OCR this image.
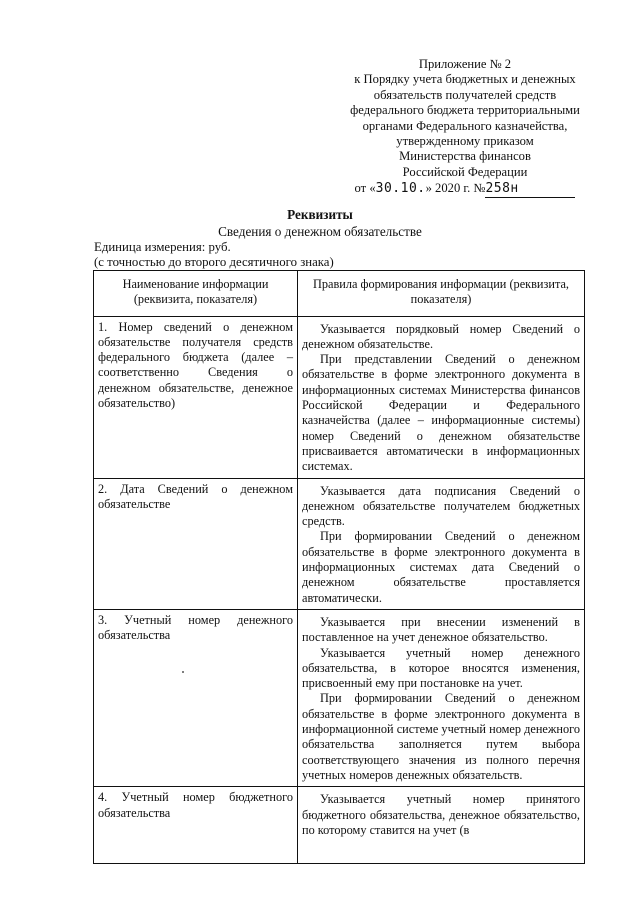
Приложение № 2
к Порядку учета бюджетных и денежных
обязательств получателей средств
федерального бюджета территориальными
органами Федерального казначейства,
утвержденному приказом
Министерства финансов
Российской Федерации
от «30.10.» 2020 г. №258н
Реквизиты
Сведения о денежном обязательстве
Единица измерения: руб.
(с точностью до второго десятичного знака)
Наименование информации (реквизита, показателя)	Правила формирования информации (реквизита, показателя)

1. Номер сведений о денежном обязательстве получателя средств федерального бюджета (далее – соответственно Сведения о денежном обязательстве, денежное обязательство)	Указывается порядковый номер Сведений о денежном обязательстве.

При представлении Сведений о денежном обязательстве в форме электронного документа в информационных системах Министерства финансов Российской Федерации и Федерального казначейства (далее – информационные системы) номер Сведений о денежном обязательстве присваивается автоматически в информационных системах.

2. Дата Сведений о денежном обязательстве	Указывается дата подписания Сведений о денежном обязательстве получателем бюджетных средств.

При формировании Сведений о денежном обязательстве в форме электронного документа в информационных системах дата Сведений о денежном обязательстве проставляется автоматически.

3. Учетный номер денежного обязательства	Указывается при внесении изменений в поставленное на учет денежное обязательство.

Указывается учетный номер денежного обязательства, в которое вносятся изменения, присвоенный ему при постановке на учет.

При формировании Сведений о денежном обязательстве в форме электронного документа в информационной системе учетный номер денежного обязательства заполняется путем выбора соответствующего значения из полного перечня учетных номеров денежных обязательств.

4. Учетный номер бюджетного обязательства	Указывается учетный номер принятого бюджетного обязательства, денежное обязательство, по которому ставится на учет (в
